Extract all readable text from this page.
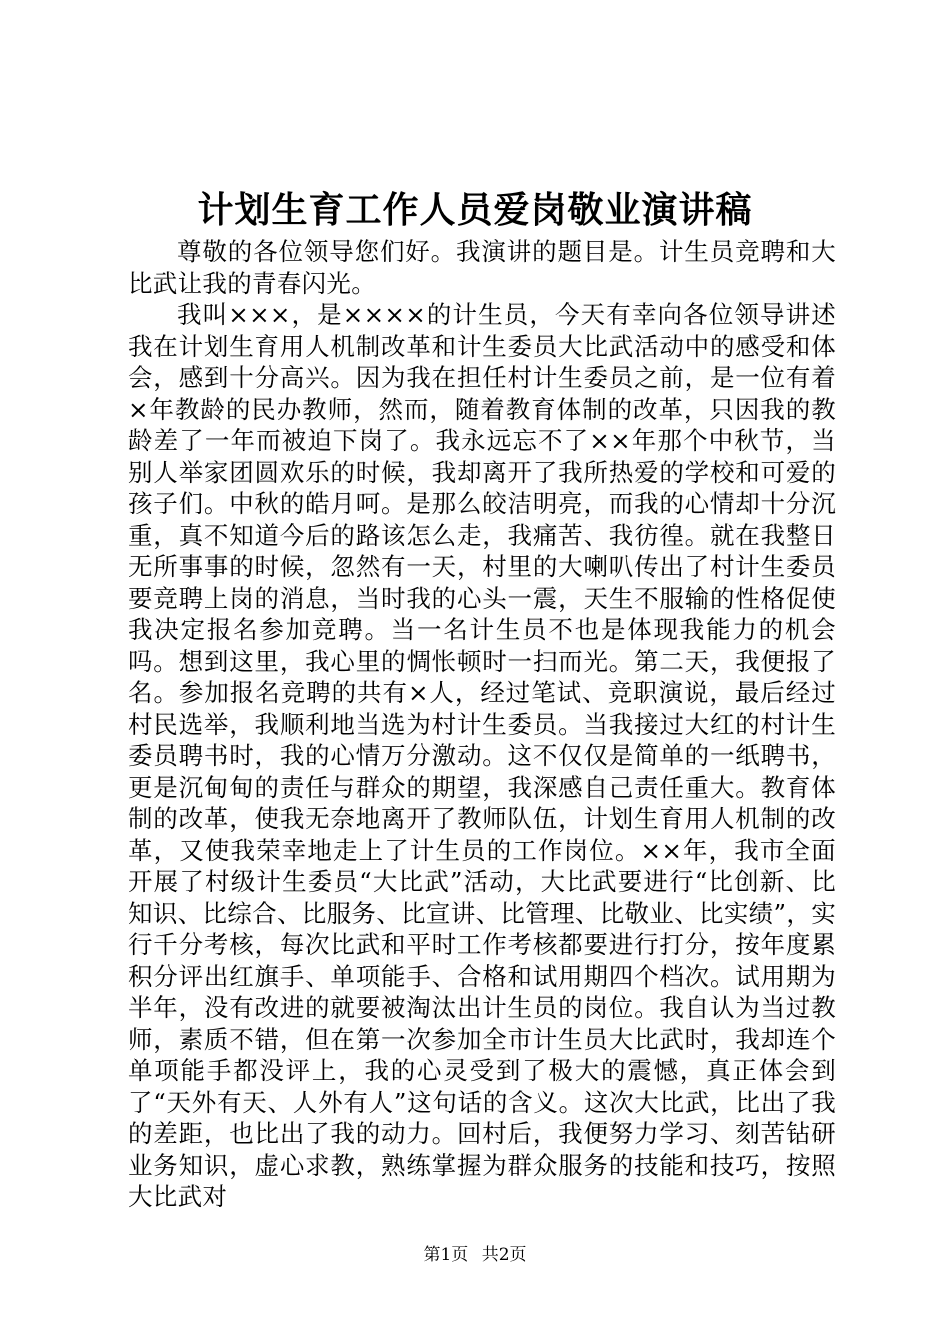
计划生育工作人员爱岗敬业演讲稿

尊敬的各位领导您们好。我演讲的题目是。计生员竞聘和大比武让我的青春闪光。

我叫×××，是××××的计生员，今天有幸向各位领导讲述我在计划生育用人机制改革和计生委员大比武活动中的感受和体会，感到十分高兴。因为我在担任村计生委员之前，是一位有着×年教龄的民办教师，然而，随着教育体制的改革，只因我的教龄差了一年而被迫下岗了。我永远忘不了××年那个中秋节，当别人举家团圆欢乐的时候，我却离开了我所热爱的学校和可爱的孩子们。中秋的皓月呵。是那么皎洁明亮，而我的心情却十分沉重，真不知道今后的路该怎么走，我痛苦、我彷徨。就在我整日无所事事的时候，忽然有一天，村里的大喇叭传出了村计生委员要竞聘上岗的消息，当时我的心头一震，天生不服输的性格促使我决定报名参加竞聘。当一名计生员不也是体现我能力的机会吗。想到这里，我心里的惆怅顿时一扫而光。第二天，我便报了名。参加报名竞聘的共有×人，经过笔试、竞职演说，最后经过村民选举，我顺利地当选为村计生委员。当我接过大红的村计生委员聘书时，我的心情万分激动。这不仅仅是简单的一纸聘书，更是沉甸甸的责任与群众的期望，我深感自己责任重大。教育体制的改革，使我无奈地离开了教师队伍，计划生育用人机制的改革，又使我荣幸地走上了计生员的工作岗位。××年，我市全面开展了村级计生委员“大比武”活动，大比武要进行“比创新、比知识、比综合、比服务、比宣讲、比管理、比敬业、比实绩”，实行千分考核，每次比武和平时工作考核都要进行打分，按年度累积分评出红旗手、单项能手、合格和试用期四个档次。试用期为半年，没有改进的就要被淘汰出计生员的岗位。我自认为当过教师，素质不错，但在第一次参加全市计生员大比武时，我却连个单项能手都没评上，我的心灵受到了极大的震憾，真正体会到了“天外有天、人外有人”这句话的含义。这次大比武，比出了我的差距，也比出了我的动力。回村后，我便努力学习、刻苦钻研业务知识，虚心求教，熟练掌握为群众服务的技能和技巧，按照大比武对

第1页 共2页
